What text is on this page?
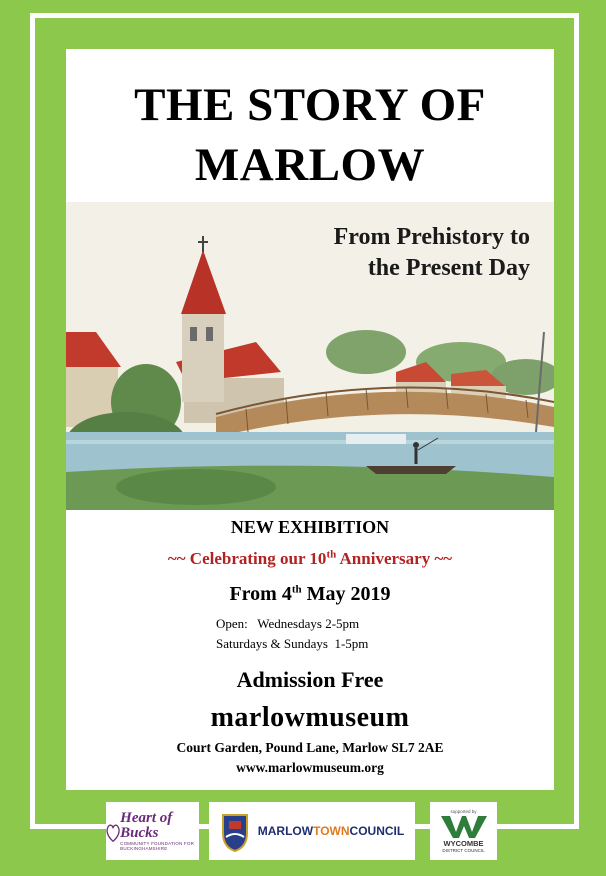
THE STORY OF
MARLOW
From Prehistory to
the Present Day
NEW EXHIBITION
~~ Celebrating our 10th Anniversary ~~
From 4th May 2019
Open:   Wednesdays 2-5pm
Saturdays & Sundays  1-5pm
Admission Free
marlowmuseum
Court Garden, Pound Lane, Marlow SL7 2AE
www.marlowmuseum.org
Heart of
Bucks
COMMUNITY FOUNDATION FOR BUCKINGHAMSHIRE
MARLOW TOWN COUNCIL
supported by
WYCOMBE
DISTRICT COUNCIL
